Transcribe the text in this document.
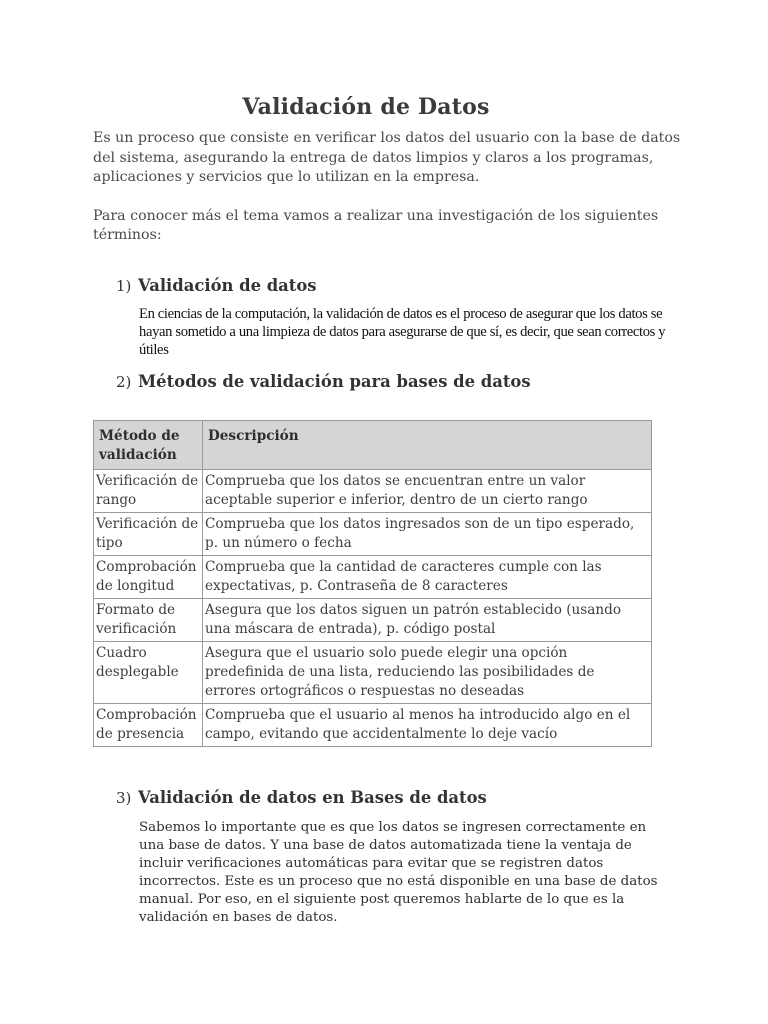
Validación de Datos

Es un proceso que consiste en verificar los datos del usuario con la base de datos del sistema, asegurando la entrega de datos limpios y claros a los programas, aplicaciones y servicios que lo utilizan en la empresa.

Para conocer más el tema vamos a realizar una investigación de los siguientes términos:

1) Validación de datos
En ciencias de la computación, la validación de datos es el proceso de asegurar que los datos se hayan sometido a una limpieza de datos para asegurarse de que sí, es decir, que sean correctos y útiles
2) Métodos de validación para bases de datos
Método de validación	Descripción
Verificación de rango	Comprueba que los datos se encuentran entre un valor aceptable superior e inferior, dentro de un cierto rango
Verificación de tipo	Comprueba que los datos ingresados son de un tipo esperado, p. un número o fecha
Comprobación de longitud	Comprueba que la cantidad de caracteres cumple con las expectativas, p. Contraseña de 8 caracteres
Formato de verificación	Asegura que los datos siguen un patrón establecido (usando una máscara de entrada), p. código postal
Cuadro desplegable	Asegura que el usuario solo puede elegir una opción predefinida de una lista, reduciendo las posibilidades de errores ortográficos o respuestas no deseadas
Comprobación de presencia	Comprueba que el usuario al menos ha introducido algo en el campo, evitando que accidentalmente lo deje vacío
3) Validación de datos en Bases de datos
Sabemos lo importante que es que los datos se ingresen correctamente en una base de datos. Y una base de datos automatizada tiene la ventaja de incluir verificaciones automáticas para evitar que se registren datos incorrectos. Este es un proceso que no está disponible en una base de datos manual. Por eso, en el siguiente post queremos hablarte de lo que es la validación en bases de datos.
